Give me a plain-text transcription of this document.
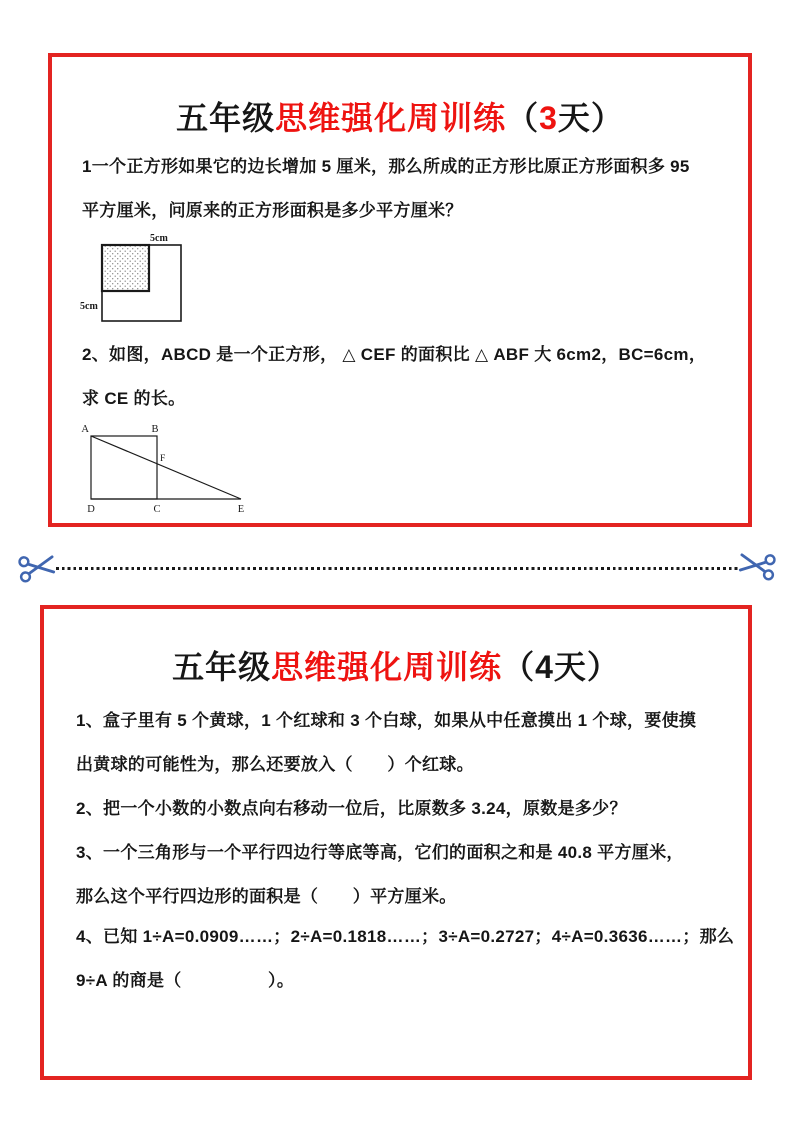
五年级思维强化周训练（3天）
1一个正方形如果它的边长增加 5 厘米，那么所成的正方形比原正方形面积多 95
平方厘米，问原来的正方形面积是多少平方厘米？
5cm
5cm
2、如图，ABCD 是一个正方形， △ CEF 的面积比 △ ABF 大 6cm2，BC=6cm，
求 CE 的长。
A	B
F
D	C	E
五年级思维强化周训练（4天）
1、盒子里有 5 个黄球，1 个红球和 3 个白球，如果从中任意摸出 1 个球，要使摸
出黄球的可能性为，那么还要放入（　　）个红球。
2、把一个小数的小数点向右移动一位后，比原数多 3.24，原数是多少？
3、一个三角形与一个平行四边行等底等高，它们的面积之和是 40.8 平方厘米，
那么这个平行四边形的面积是（　　）平方厘米。
4、已知 1÷A=0.0909……；2÷A=0.1818……；3÷A=0.2727；4÷A=0.3636……；那么
9÷A 的商是（　　　　　）。
